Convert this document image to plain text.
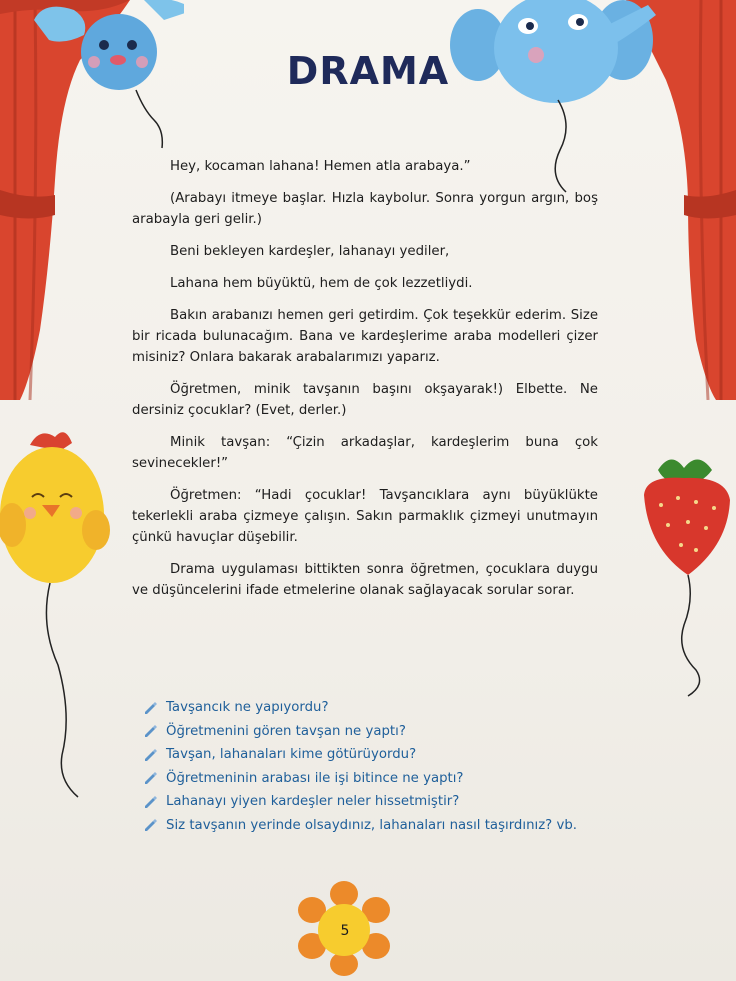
DRAMA

Hey, kocaman lahana! Hemen atla arabaya.”

(Arabayı itmeye başlar. Hızla kaybolur. Sonra yorgun argın, boş arabayla geri gelir.)

Beni bekleyen kardeşler, lahanayı yediler,

Lahana hem büyüktü, hem de çok lezzetliydi.

Bakın arabanızı hemen geri getirdim. Çok teşekkür ederim. Size bir ricada bulunacağım. Bana ve kardeşlerime araba modelleri çizer misiniz? Onlara bakarak arabalarımızı yaparız.

Öğretmen, minik tavşanın başını okşayarak!) Elbette. Ne dersiniz çocuklar? (Evet, derler.)

Minik tavşan: “Çizin arkadaşlar, kardeşlerim buna çok sevinecekler!”

Öğretmen: “Hadi çocuklar! Tavşancıklara aynı büyüklükte tekerlekli araba çizmeye çalışın. Sakın parmaklık çizmeyi unutmayın çünkü havuçlar düşebilir.

Drama uygulaması bittikten sonra öğretmen, çocuklara duygu ve düşüncelerini ifade etmelerine olanak sağlayacak sorular sorar.

Tavşancık ne yapıyordu?
Öğretmenini gören tavşan ne yaptı?
Tavşan, lahanaları kime götürüyordu?
Öğretmeninin arabası ile işi bitince ne yaptı?
Lahanayı yiyen kardeşler neler hissetmiştir?
Siz tavşanın yerinde olsaydınız, lahanaları nasıl taşırdınız? vb.
5
